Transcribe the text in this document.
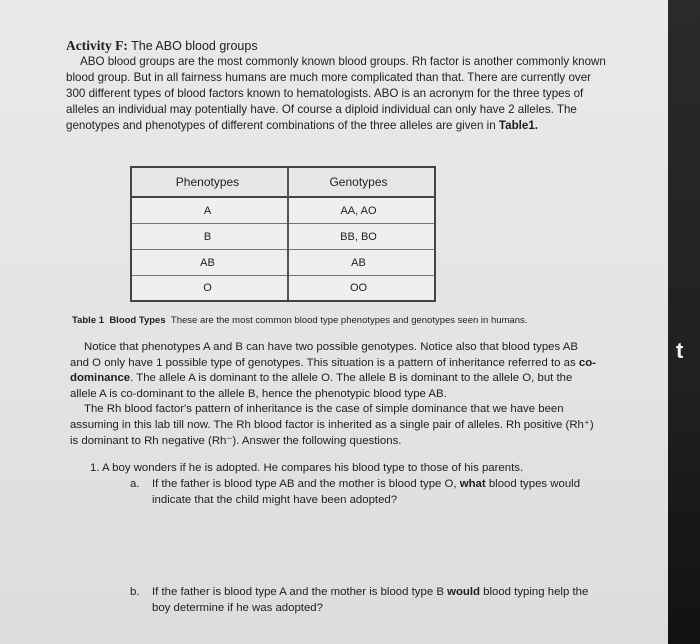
t
Activity F: The ABO blood groups

ABO blood groups are the most commonly known blood groups. Rh factor is another commonly known blood group. But in all fairness humans are much more complicated than that. There are currently over 300 different types of blood factors known to hematologists. ABO is an acronym for the three types of alleles an individual may potentially have. Of course a diploid individual can only have 2 alleles. The genotypes and phenotypes of different combinations of the three alleles are given in Table1.

Phenotypes	Genotypes
A	AA, AO
B	BB, BO
AB	AB
O	OO
Table 1 Blood Types These are the most common blood type phenotypes and genotypes seen in humans.

Notice that phenotypes A and B can have two possible genotypes. Notice also that blood types AB and O only have 1 possible type of genotypes. This situation is a pattern of inheritance referred to as co-dominance. The allele A is dominant to the allele O. The allele B is dominant to the allele O, but the allele A is co-dominant to the allele B, hence the phenotypic blood type AB.

The Rh blood factor's pattern of inheritance is the case of simple dominance that we have been assuming in this lab till now. The Rh blood factor is inherited as a single pair of alleles. Rh positive (Rh⁺) is dominant to Rh negative (Rh⁻). Answer the following questions.

1. A boy wonders if he is adopted. He compares his blood type to those of his parents.
a. If the father is blood type AB and the mother is blood type O, what blood types would indicate that the child might have been adopted?
b. If the father is blood type A and the mother is blood type B would blood typing help the boy determine if he was adopted?
